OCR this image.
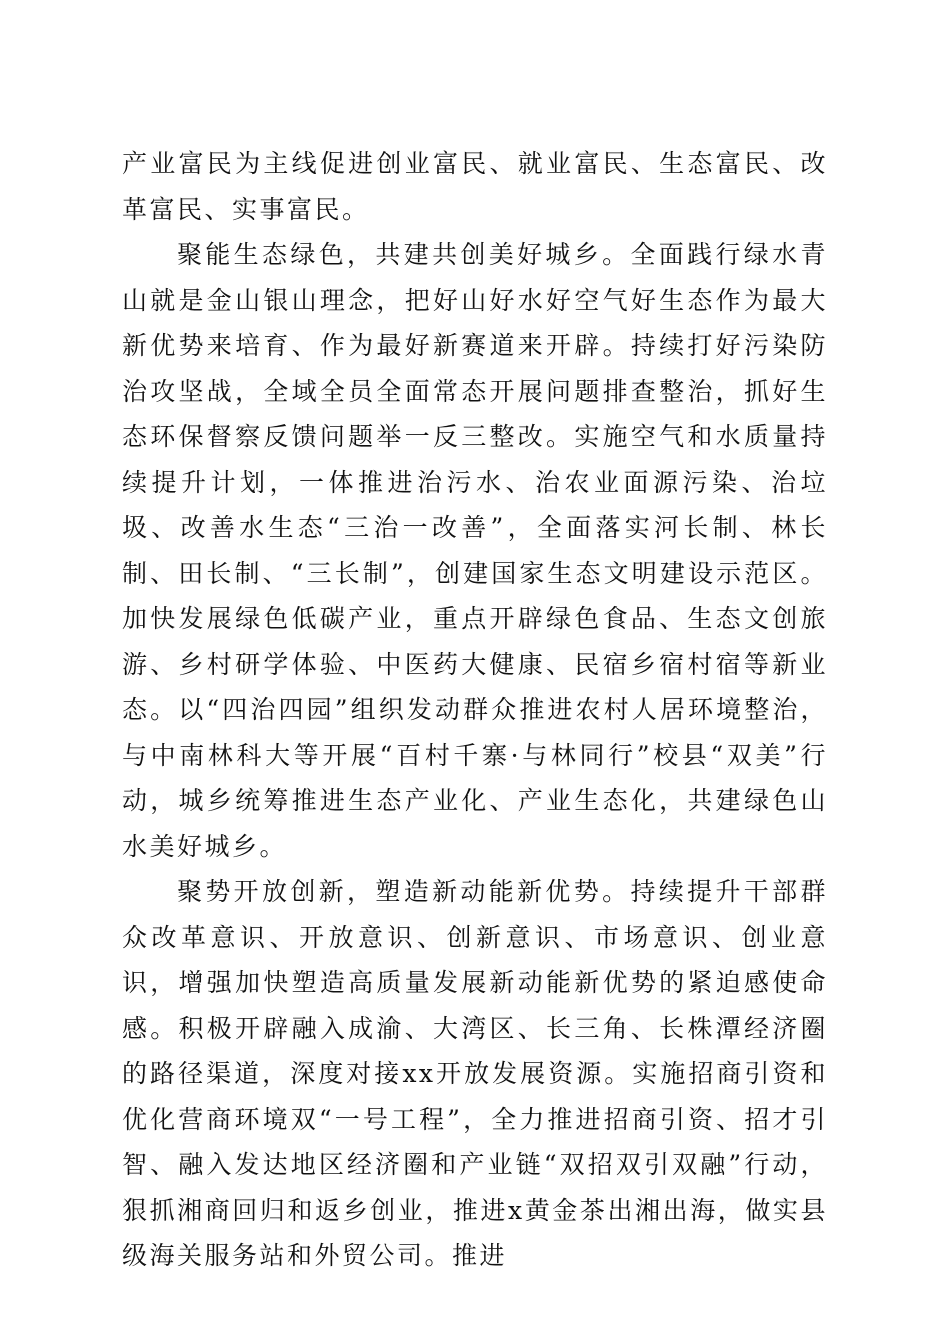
产业富民为主线促进创业富民、就业富民、生态富民、改革富民、实事富民。

聚能生态绿色，共建共创美好城乡。全面践行绿水青山就是金山银山理念，把好山好水好空气好生态作为最大新优势来培育、作为最好新赛道来开辟。持续打好污染防治攻坚战，全域全员全面常态开展问题排查整治，抓好生态环保督察反馈问题举一反三整改。实施空气和水质量持续提升计划，一体推进治污水、治农业面源污染、治垃圾、改善水生态“三治一改善”，全面落实河长制、林长制、田长制、“三长制”，创建国家生态文明建设示范区。加快发展绿色低碳产业，重点开辟绿色食品、生态文创旅游、乡村研学体验、中医药大健康、民宿乡宿村宿等新业态。以“四治四园”组织发动群众推进农村人居环境整治，与中南林科大等开展“百村千寨·与林同行”校县“双美”行动，城乡统筹推进生态产业化、产业生态化，共建绿色山水美好城乡。

聚势开放创新，塑造新动能新优势。持续提升干部群众改革意识、开放意识、创新意识、市场意识、创业意识，增强加快塑造高质量发展新动能新优势的紧迫感使命感。积极开辟融入成渝、大湾区、长三角、长株潭经济圈的路径渠道，深度对接xx开放发展资源。实施招商引资和优化营商环境双“一号工程”，全力推进招商引资、招才引智、融入发达地区经济圈和产业链“双招双引双融”行动，狠抓湘商回归和返乡创业，推进x黄金茶出湘出海，做实县级海关服务站和外贸公司。推进
